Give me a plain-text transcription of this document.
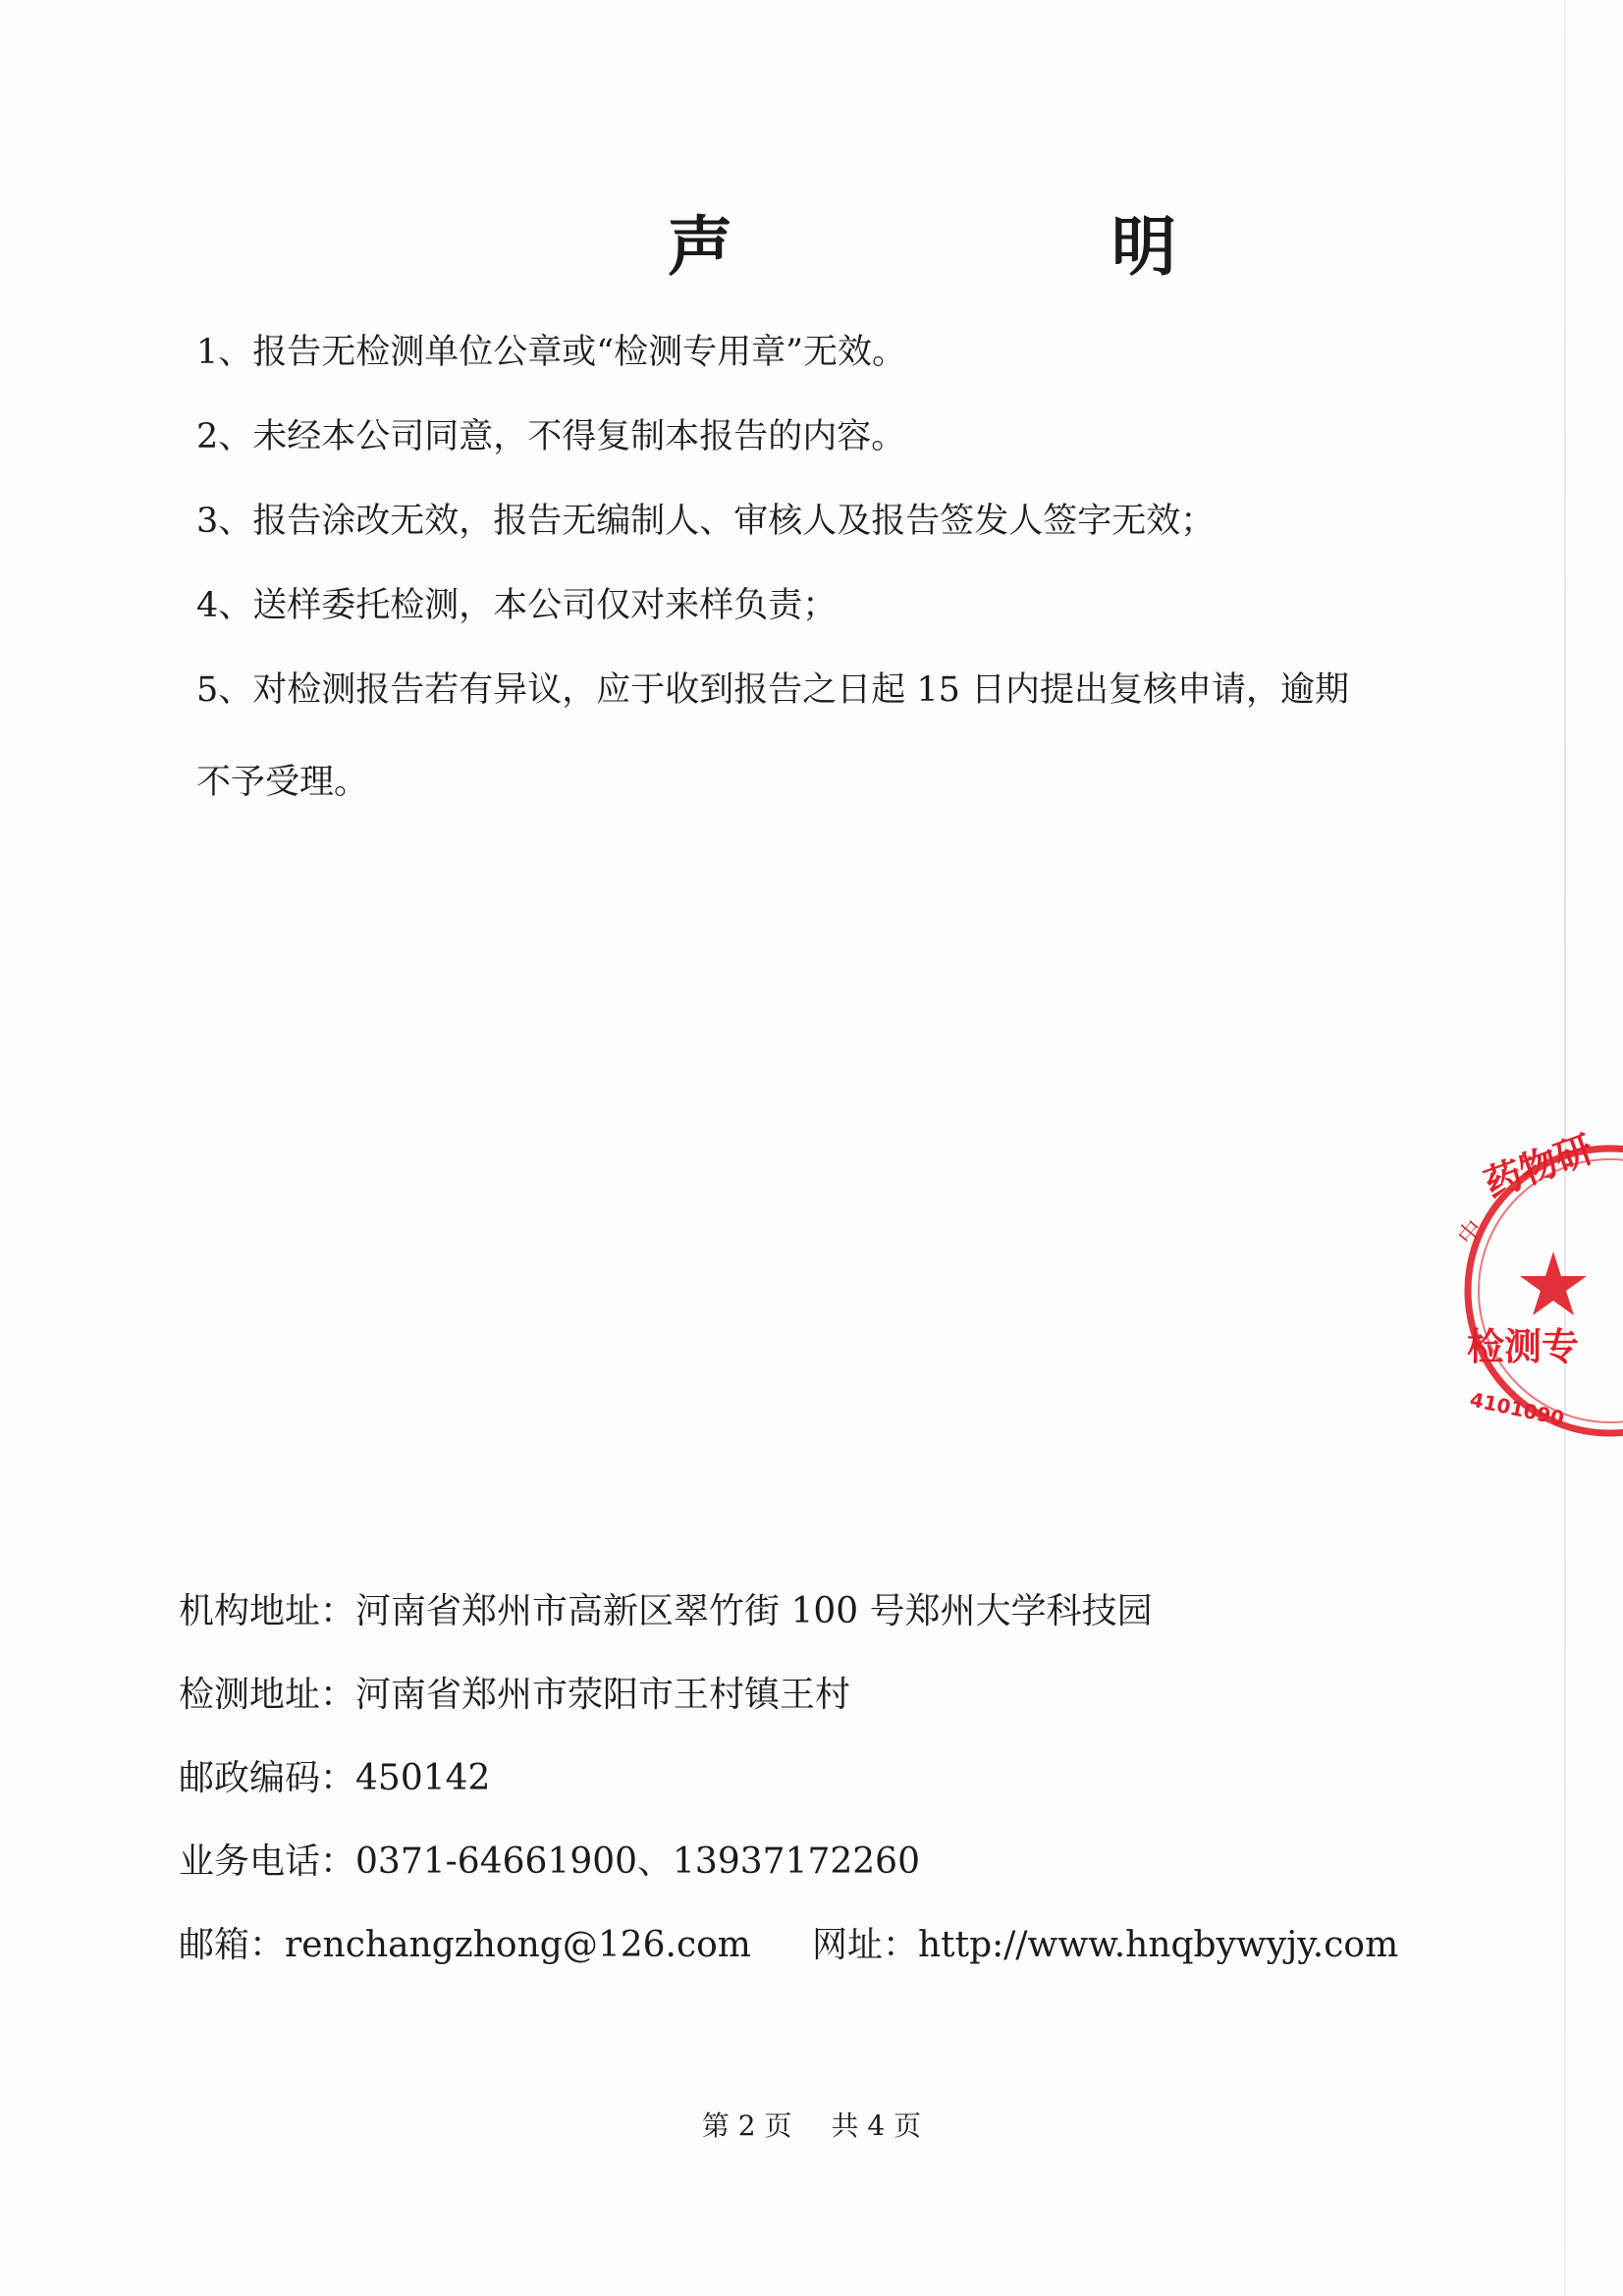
声　明
1、报告无检测单位公章或“检测专用章”无效。
2、未经本公司同意，不得复制本报告的内容。
3、报告涂改无效，报告无编制人、审核人及报告签发人签字无效；
4、送样委托检测，本公司仅对来样负责；
5、对检测报告若有异议，应于收到报告之日起 15 日内提出复核申请，逾期
不予受理。
机构地址：河南省郑州市高新区翠竹街 100 号郑州大学科技园
检测地址：河南省郑州市荥阳市王村镇王村
邮政编码：450142
业务电话：0371-64661900、13937172260
邮箱：renchangzhong@126.com 网址：http://www.hnqbywyjy.com
第 2 页 共 4 页
药物研
中
检测专
4101090
